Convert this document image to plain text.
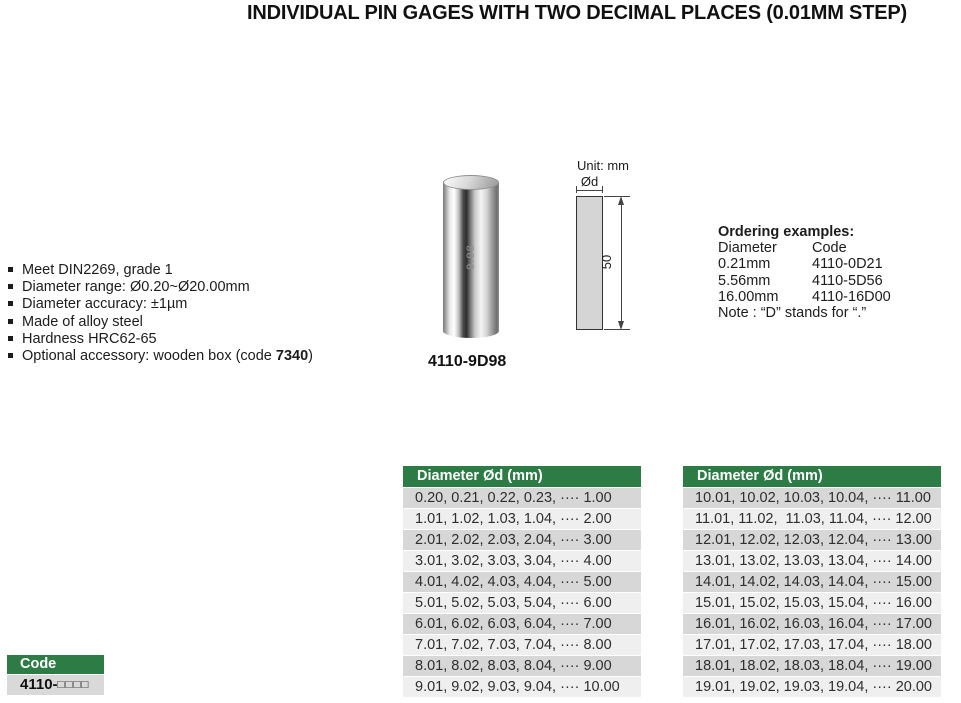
INDIVIDUAL PIN GAGES WITH TWO DECIMAL PLACES (0.01MM STEP)
Meet DIN2269, grade 1
Diameter range: Ø0.20~Ø20.00mm
Diameter accuracy: ±1µm
Made of alloy steel
Hardness HRC62-65
Optional accessory: wooden box (code 7340)
9.98
4110-9D98
Unit: mm
Ød
50
Ordering examples:
Diameter	Code
0.21mm	4110-0D21
5.56mm	4110-5D56
16.00mm	4110-16D00
Note : “D” stands for “.”
Diameter Ød (mm)
0.20, 0.21, 0.22, 0.23, ···· 1.00
1.01, 1.02, 1.03, 1.04, ···· 2.00
2.01, 2.02, 2.03, 2.04, ···· 3.00
3.01, 3.02, 3.03, 3.04, ···· 4.00
4.01, 4.02, 4.03, 4.04, ···· 5.00
5.01, 5.02, 5.03, 5.04, ···· 6.00
6.01, 6.02, 6.03, 6.04, ···· 7.00
7.01, 7.02, 7.03, 7.04, ···· 8.00
8.01, 8.02, 8.03, 8.04, ···· 9.00
9.01, 9.02, 9.03, 9.04, ···· 10.00
Diameter Ød (mm)
10.01, 10.02, 10.03, 10.04, ···· 11.00
11.01, 11.02,  11.03, 11.04, ···· 12.00
12.01, 12.02, 12.03, 12.04, ···· 13.00
13.01, 13.02, 13.03, 13.04, ···· 14.00
14.01, 14.02, 14.03, 14.04, ···· 15.00
15.01, 15.02, 15.03, 15.04, ···· 16.00
16.01, 16.02, 16.03, 16.04, ···· 17.00
17.01, 17.02, 17.03, 17.04, ···· 18.00
18.01, 18.02, 18.03, 18.04, ···· 19.00
19.01, 19.02, 19.03, 19.04, ···· 20.00
Code
4110-□□□□
